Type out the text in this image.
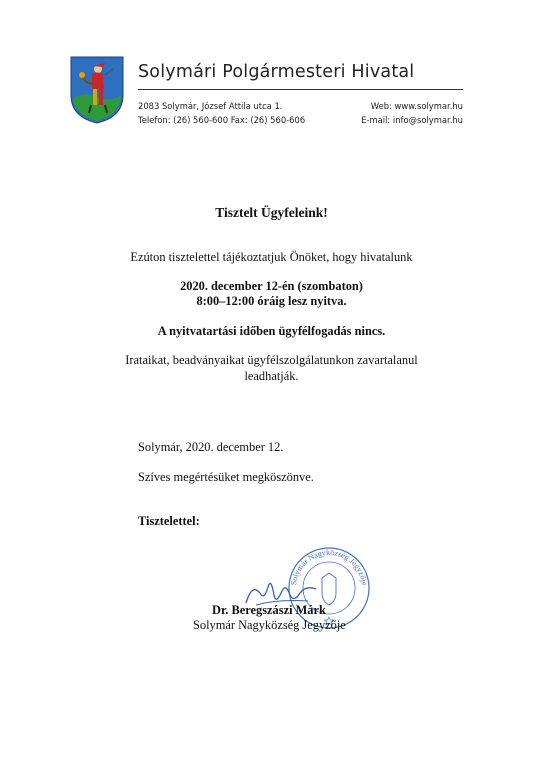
Solymári Polgármesteri Hivatal
2083 Solymár, József Attila utca 1.
Telefon: (26) 560-600 Fax: (26) 560-606
Web: www.solymar.hu
E-mail: info@solymar.hu
Tisztelt Ügyfeleink!
Ezúton tisztelettel tájékoztatjuk Önöket, hogy hivatalunk
2020. december 12-én (szombaton)
8:00–12:00 óráig lesz nyitva.
A nyitvatartási időben ügyfélfogadás nincs.
Irataikat, beadványaikat ügyfélszolgálatunkon zavartalanul
leadhatják.
Solymár, 2020. december 12.
Szíves megértésüket megköszönve.
Tisztelettel:
Solymár Nagyközség Jegyzője
Dr. Beregszászi Márk
Solymár Nagyközség Jegyzője
